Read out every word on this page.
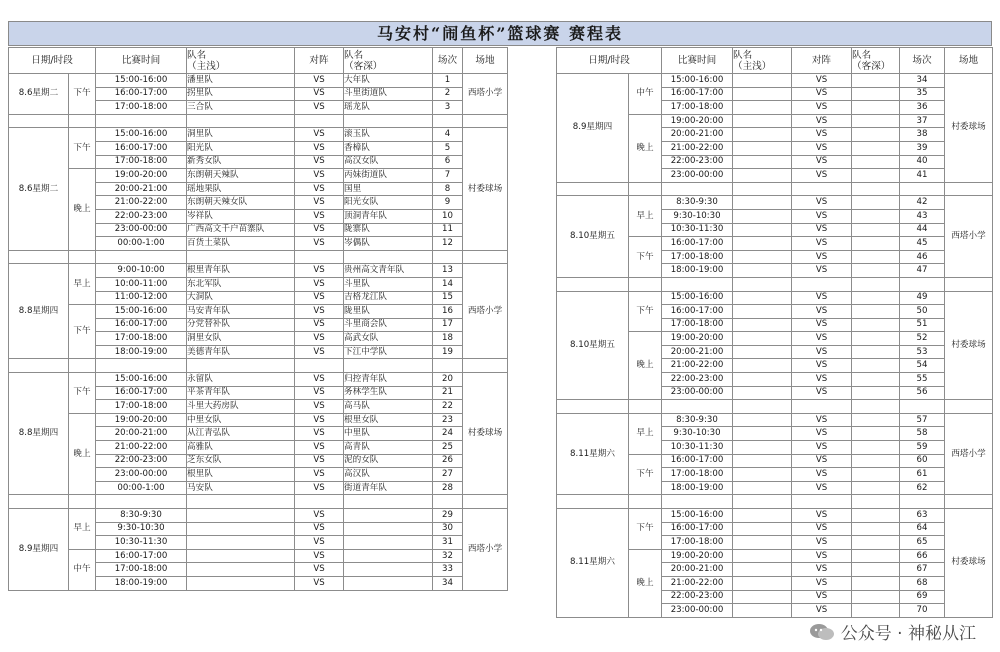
马安村“闹鱼杯”篮球赛 赛程表
日期/时段		比赛时间	队名
（主浅）	对阵	队名
（客深）	场次	场地
8.6星期二	下午	15:00-16:00	潘里队	VS	大年队	1	西塔小学
		16:00-17:00	拐里队	VS	斗里街道队	2	
		17:00-18:00	三合队	VS	瑶龙队	3	

8.6星期二	下午	15:00-16:00	洞里队	VS	滚玉队	4	村委球场
		16:00-17:00	阳光队	VS	香樟队	5	
		17:00-18:00	新秀女队	VS	高汉女队	6	
	晚上	19:00-20:00	东朗朝天辣队	VS	丙妹街道队	7	
		20:00-21:00	瑶地果队	VS	国里	8	
		21:00-22:00	东朗朝天辣女队	VS	阳光女队	9	
		22:00-23:00	岑祥队	VS	顶洞青年队	10	
		23:00-00:00	广西高文千户苗寨队	VS	陇寨队	11	
		00:00-1:00	百货土菜队	VS	岑偶队	12	

8.8星期四	早上	9:00-10:00	根里青年队	VS	贵州高文青年队	13	西塔小学
		10:00-11:00	东北军队	VS	斗里队	14	
		11:00-12:00	大洞队	VS	吉格龙江队	15	
	下午	15:00-16:00	马安青年队	VS	陇里队	16	
		16:00-17:00	分党替补队	VS	斗里商会队	17	
		17:00-18:00	洞里女队	VS	高武女队	18	
		18:00-19:00	美德青年队	VS	下江中学队	19	

8.8星期四	下午	15:00-16:00	永留队	VS	归控青年队	20	村委球场
		16:00-17:00	平茶青年队	VS	务林学生队	21	
		17:00-18:00	斗里大药房队	VS	高马队	22	
	晚上	19:00-20:00	中里女队	VS	根里女队	23	
		20:00-21:00	从江青弘队	VS	中里队	24	
		21:00-22:00	高雅队	VS	高青队	25	
		22:00-23:00	芝东女队	VS	泥的女队	26	
		23:00-00:00	根里队	VS	高汉队	27	
		00:00-1:00	马安队	VS	街道青年队	28	

8.9星期四	早上	8:30-9:30		VS		29	西塔小学
		9:30-10:30		VS		30	
		10:30-11:30		VS		31	
	中午	16:00-17:00		VS		32	
		17:00-18:00		VS		33	
		18:00-19:00		VS		34	
日期/时段		比赛时间	队名
（主浅）	对阵	队名
（客深）	场次	场地
8.9星期四	中午	15:00-16:00		VS		34	村委球场
		16:00-17:00		VS		35	
		17:00-18:00		VS		36	
	晚上	19:00-20:00		VS		37	
		20:00-21:00		VS		38	
		21:00-22:00		VS		39	
		22:00-23:00		VS		40	
		23:00-00:00		VS		41	

8.10星期五	早上	8:30-9:30		VS		42	西塔小学
		9:30-10:30		VS		43	
		10:30-11:30		VS		44	
	下午	16:00-17:00		VS		45	
		17:00-18:00		VS		46	
		18:00-19:00		VS		47	

8.10星期五	下午	15:00-16:00		VS		49	村委球场
		16:00-17:00		VS		50	
		17:00-18:00		VS		51	
	晚上	19:00-20:00		VS		52	
		20:00-21:00		VS		53	
		21:00-22:00		VS		54	
		22:00-23:00		VS		55	
		23:00-00:00		VS		56	

8.11星期六	早上	8:30-9:30		VS		57	西塔小学
		9:30-10:30		VS		58	
		10:30-11:30		VS		59	
	下午	16:00-17:00		VS		60	
		17:00-18:00		VS		61	
		18:00-19:00		VS		62	

8.11星期六	下午	15:00-16:00		VS		63	村委球场
		16:00-17:00		VS		64	
		17:00-18:00		VS		65	
	晚上	19:00-20:00		VS		66	
		20:00-21:00		VS		67	
		21:00-22:00		VS		68	
		22:00-23:00		VS		69	
		23:00-00:00		VS		70	
公众号 · 神秘从江
